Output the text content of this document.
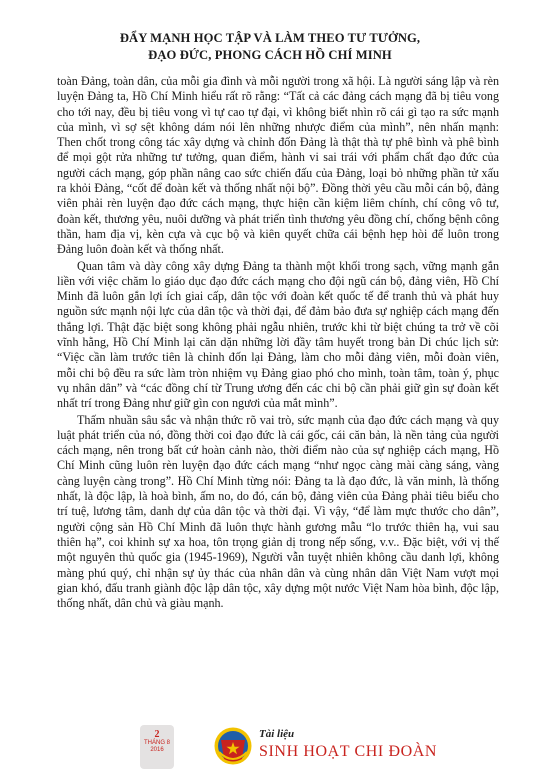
ĐẨY MẠNH HỌC TẬP VÀ LÀM THEO TƯ TƯỞNG,
ĐẠO ĐỨC, PHONG CÁCH HỒ CHÍ MINH

toàn Đảng, toàn dân, của mỗi gia đình và mỗi người trong xã hội. Là người sáng lập và rèn luyện Đảng ta, Hồ Chí Minh hiểu rất rõ rằng: “Tất cả các đảng cách mạng đã bị tiêu vong cho tới nay, đều bị tiêu vong vì tự cao tự đại, vì không biết nhìn rõ cái gì tạo ra sức mạnh của mình, vì sợ sệt không dám nói lên những nhược điểm của mình”, nên nhấn mạnh: Then chốt trong công tác xây dựng và chỉnh đốn Đảng là thật thà tự phê bình và phê bình để mọi gột rửa những tư tưởng, quan điểm, hành vi sai trái với phẩm chất đạo đức của người cách mạng, góp phần nâng cao sức chiến đấu của Đảng, loại bỏ những phần tử xấu ra khỏi Đảng, “cốt để đoàn kết và thống nhất nội bộ”. Đồng thời yêu cầu mỗi cán bộ, đảng viên phải rèn luyện đạo đức cách mạng, thực hiện cần kiệm liêm chính, chí công vô tư, đoàn kết, thương yêu, nuôi dưỡng và phát triển tình thương yêu đồng chí, chống bệnh công thần, ham địa vị, kèn cựa và cục bộ và kiên quyết chữa cái bệnh hẹp hòi để luôn trong Đảng luôn đoàn kết và thống nhất.

Quan tâm và dày công xây dựng Đảng ta thành một khối trong sạch, vững mạnh gắn liền với việc chăm lo giáo dục đạo đức cách mạng cho đội ngũ cán bộ, đảng viên, Hồ Chí Minh đã luôn gắn lợi ích giai cấp, dân tộc với đoàn kết quốc tế để tranh thủ và phát huy nguồn sức mạnh nội lực của dân tộc và thời đại, để đảm bảo đưa sự nghiệp cách mạng đến thắng lợi. Thật đặc biệt song không phải ngẫu nhiên, trước khi từ biệt chúng ta trở về cõi vĩnh hằng, Hồ Chí Minh lại căn dặn những lời đầy tâm huyết trong bản Di chúc lịch sử: “Việc cần làm trước tiên là chỉnh đốn lại Đảng, làm cho mỗi đảng viên, mỗi đoàn viên, mỗi chi bộ đều ra sức làm tròn nhiệm vụ Đảng giao phó cho mình, toàn tâm, toàn ý, phục vụ nhân dân” và “các đồng chí từ Trung ương đến các chi bộ cần phải giữ gìn sự đoàn kết nhất trí trong Đảng như giữ gìn con ngươi của mắt mình”.

Thấm nhuần sâu sắc và nhận thức rõ vai trò, sức mạnh của đạo đức cách mạng và quy luật phát triển của nó, đồng thời coi đạo đức là cái gốc, cái căn bản, là nền tảng của người cách mạng, nên trong bất cứ hoàn cảnh nào, thời điểm nào của sự nghiệp cách mạng, Hồ Chí Minh cũng luôn rèn luyện đạo đức cách mạng “như ngọc càng mài càng sáng, vàng càng luyện càng trong”. Hồ Chí Minh từng nói: Đảng ta là đạo đức, là văn minh, là thống nhất, là độc lập, là hoà bình, ấm no, do đó, cán bộ, đảng viên của Đảng phải tiêu biểu cho trí tuệ, lương tâm, danh dự của dân tộc và thời đại. Vì vậy, “để làm mực thước cho dân”, người cộng sản Hồ Chí Minh đã luôn thực hành gương mẫu “lo trước thiên hạ, vui sau thiên hạ”, coi khinh sự xa hoa, tôn trọng giản dị trong nếp sống, v.v.. Đặc biệt, với vị thế một nguyên thủ quốc gia (1945-1969), Người vẫn tuyệt nhiên không cầu danh lợi, không màng phú quý, chỉ nhận sự ủy thác của nhân dân và cùng nhân dân Việt Nam vượt mọi gian khó, đấu tranh giành độc lập dân tộc, xây dựng một nước Việt Nam hòa bình, độc lập, thống nhất, dân chủ và giàu mạnh.

2
THÁNG 8
2016
Tài liệu
SINH HOẠT CHI ĐOÀN
